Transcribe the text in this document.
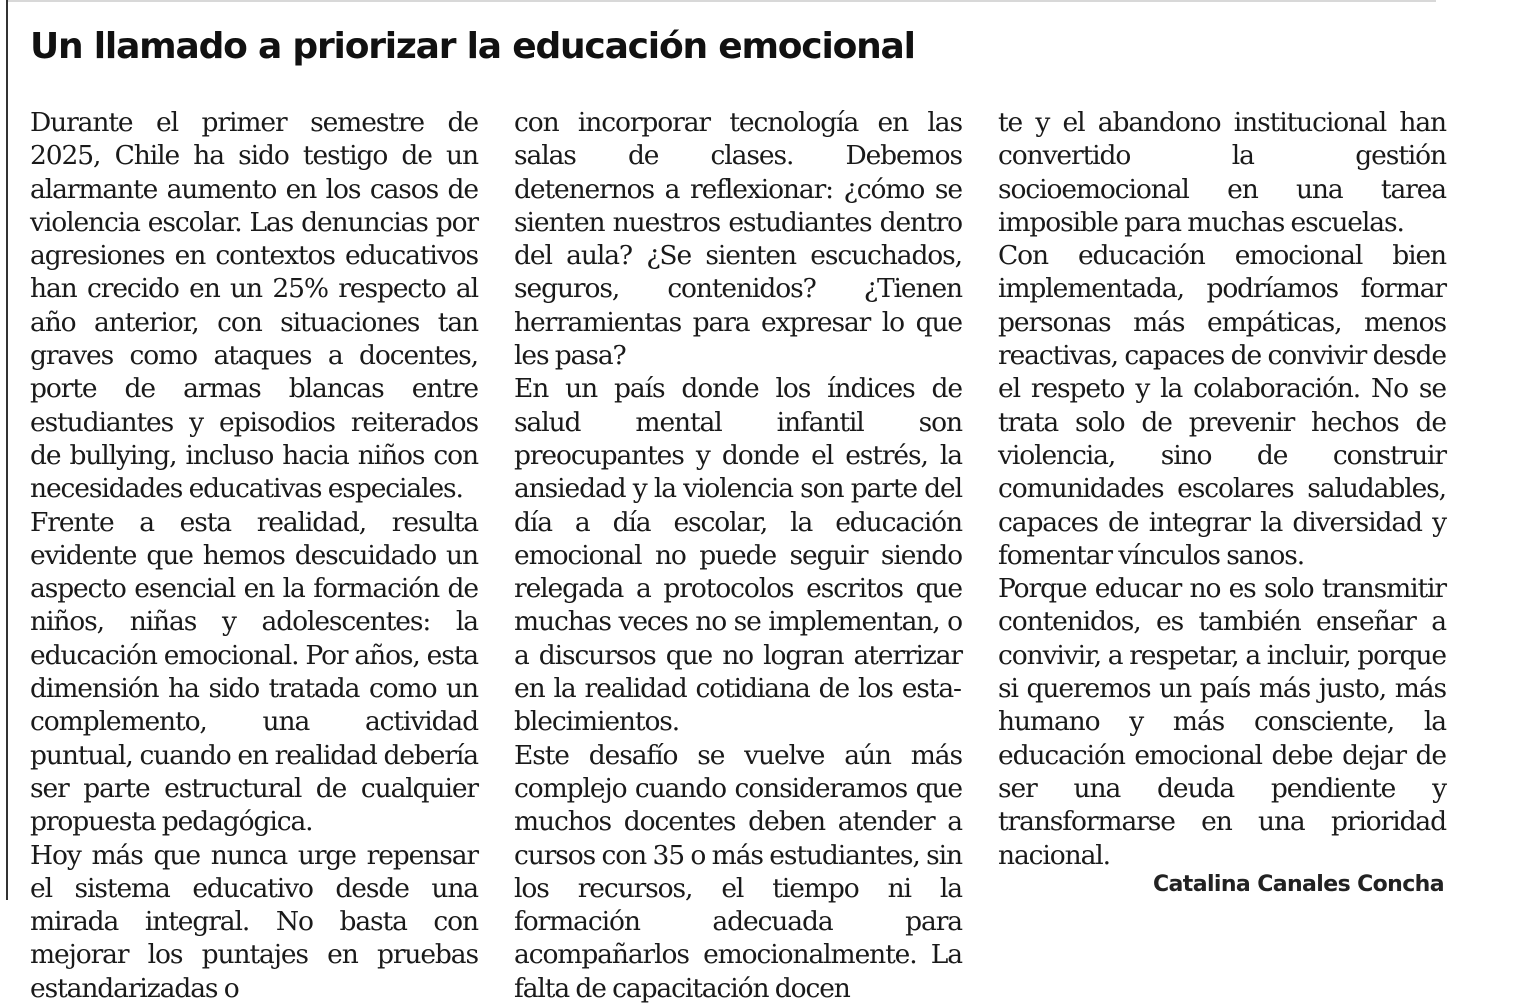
Un llamado a priorizar la educación emocional

Durante el primer semestre de 2025, Chile ha sido testigo de un alarmante aumento en los casos de violencia escolar. Las denuncias por agresiones en contextos educativos han crecido en un 25% respecto al año anterior, con situaciones tan graves como ataques a docentes, porte de armas blancas entre estudiantes y episodios reiterados de bullying, incluso hacia niños con necesidades educativas especiales.

Frente a esta realidad, resulta evidente que hemos descuidado un aspecto esencial en la formación de niños, niñas y adolescentes: la educación emocional. Por años, esta dimensión ha sido tratada como un complemento, una actividad puntual, cuando en realidad debería ser parte estructural de cualquier propuesta pedagógica.

Hoy más que nunca urge repensar el sistema educativo desde una mirada integral. No basta con mejorar los puntajes en pruebas estandarizadas o

con incorporar tecnología en las salas de clases. Debemos detenernos a reflexionar: ¿cómo se sienten nuestros estudiantes dentro del aula? ¿Se sienten escuchados, seguros, contenidos? ¿Tienen herramientas para expresar lo que les pasa?

En un país donde los índices de salud mental infantil son preocupantes y donde el estrés, la ansiedad y la violencia son parte del día a día escolar, la educación emocional no puede seguir siendo relegada a protocolos escritos que muchas veces no se implementan, o a discursos que no logran aterrizar en la realidad cotidiana de los establecimientos.

Este desafío se vuelve aún más complejo cuando consideramos que muchos docentes deben atender a cursos con 35 o más estudiantes, sin los recursos, el tiempo ni la formación adecuada para acompañarlos emocionalmente. La falta de capacitación docen

te y el abandono institucional han convertido la gestión socioemocional en una tarea imposible para muchas escuelas.

Con educación emocional bien implementada, podríamos formar personas más empáticas, menos reactivas, capaces de convivir desde el respeto y la colaboración. No se trata solo de prevenir hechos de violencia, sino de construir comunidades escolares saludables, capaces de integrar la diversidad y fomentar vínculos sanos.

Porque educar no es solo transmitir contenidos, es también enseñar a convivir, a respetar, a incluir, porque si queremos un país más justo, más humano y más consciente, la educación emocional debe dejar de ser una deuda pendiente y transformarse en una prioridad nacional.

Catalina Canales Concha
